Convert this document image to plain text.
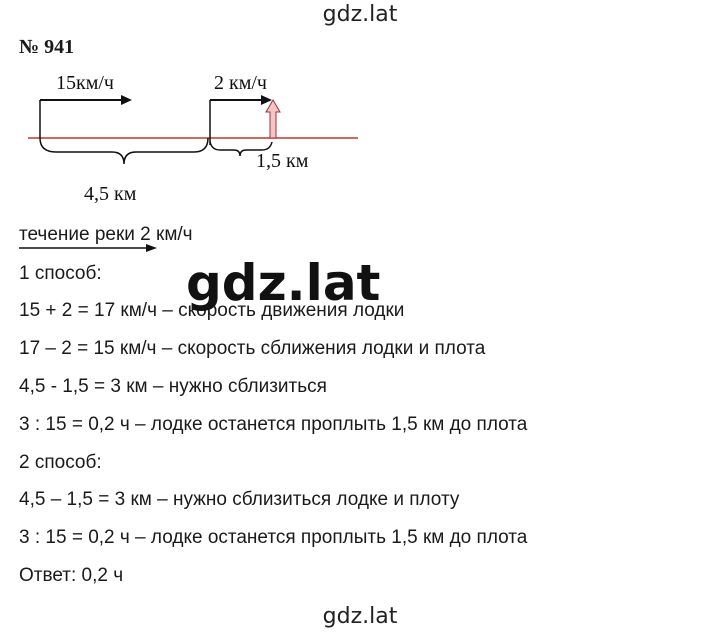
gdz.lat
№ 941
15км/ч	2 км/ч
4,5 км
1,5 км
течение реки 2 км/ч
1 способ:
15 + 2 = 17 км/ч – скорость движения лодки
17 – 2 = 15 км/ч – скорость сближения лодки и плота
4,5 - 1,5 = 3 км – нужно сблизиться
3 : 15 = 0,2 ч – лодке останется проплыть 1,5 км до плота
2 способ:
4,5 – 1,5 = 3 км – нужно сблизиться лодке и плоту
3 : 15 = 0,2 ч – лодке останется проплыть 1,5 км до плота
Ответ: 0,2 ч
gdz.lat
gdz.lat
